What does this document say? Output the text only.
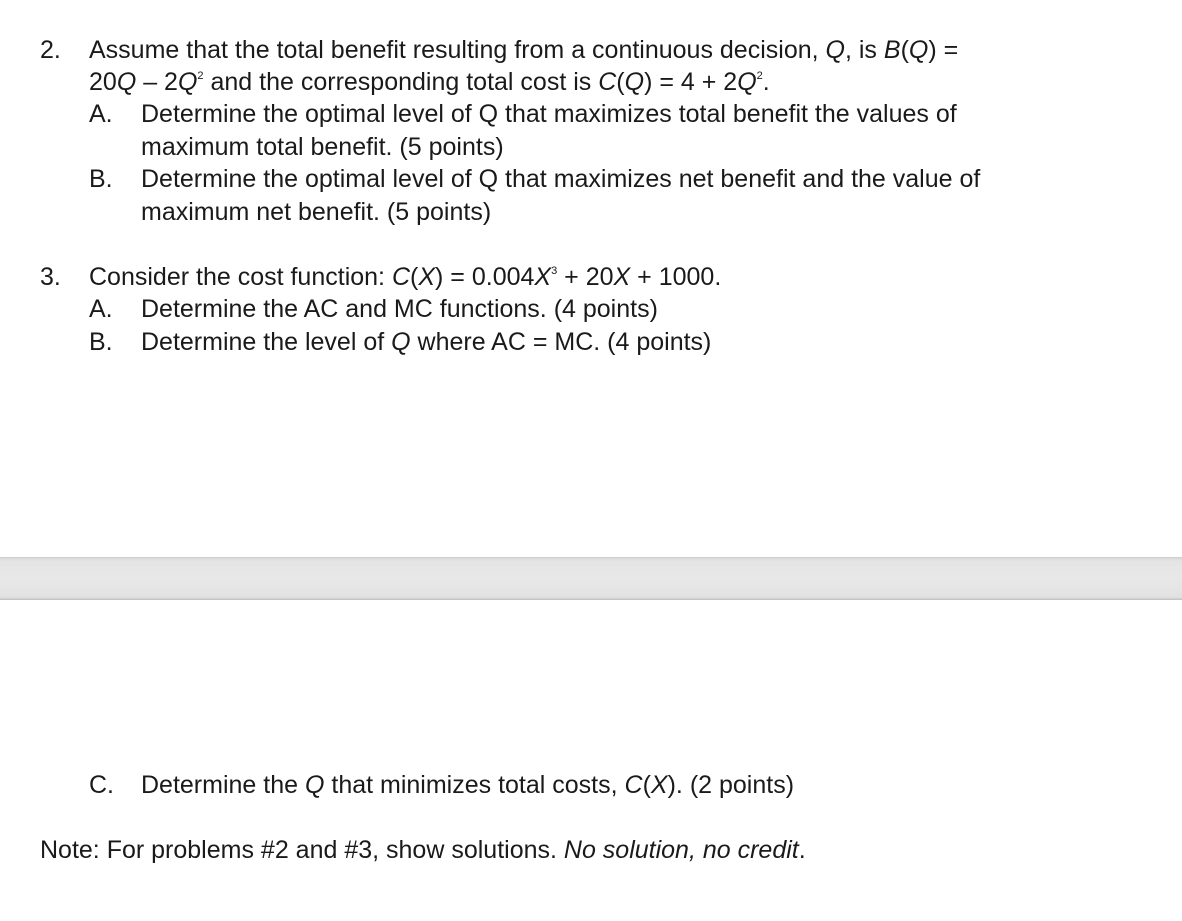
2. Assume that the total benefit resulting from a continuous decision, Q, is B(Q) =
$20Q - 2Q^2$ and the corresponding total cost is $C(Q) = 4 + 2Q^2$.
A. Determine the optimal level of Q that maximizes total benefit the values of
maximum total benefit. (5 points)
B. Determine the optimal level of Q that maximizes net benefit and the value of
maximum net benefit. (5 points)
3. Consider the cost function: $C(X) = 0.004X^3 + 20X + 1000$.
A. Determine the AC and MC functions. (4 points)
B. Determine the level of Q where AC = MC. (4 points)
C. Determine the Q that minimizes total costs, C(X). (2 points)
Note: For problems #2 and #3, show solutions. No solution, no credit.
